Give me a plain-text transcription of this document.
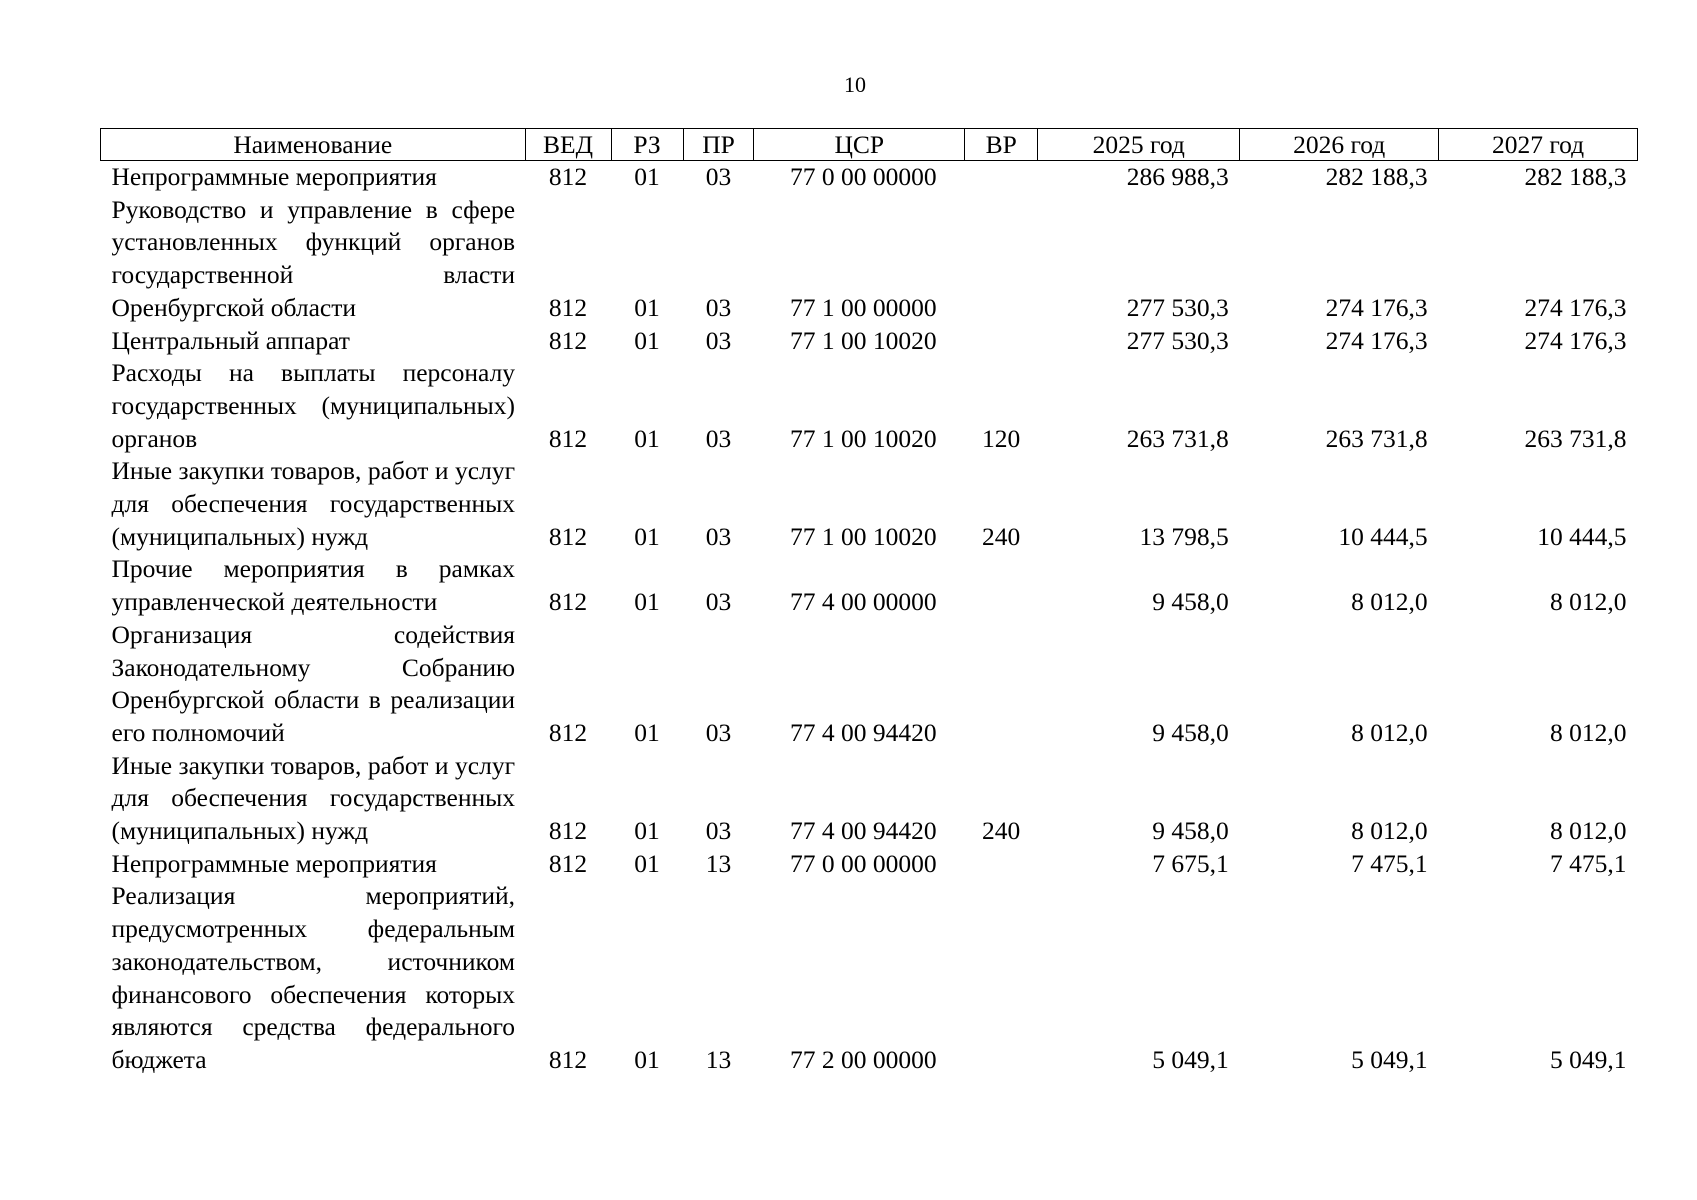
10
Наименование	ВЕД	РЗ	ПР	ЦСР	ВР	2025 год	2026 год	2027 год
Непрограммные мероприятия	812	01	03	77 0 00 00000		286 988,3	282 188,3	282 188,3
Руководство и управление в сфере установленных функций органов государственной власти Оренбургской области	812	01	03	77 1 00 00000		277 530,3	274 176,3	274 176,3
Центральный аппарат	812	01	03	77 1 00 10020		277 530,3	274 176,3	274 176,3
Расходы на выплаты персоналу государственных (муниципальных) органов	812	01	03	77 1 00 10020	120	263 731,8	263 731,8	263 731,8
Иные закупки товаров, работ и услуг для обеспечения государственных (муниципальных) нужд	812	01	03	77 1 00 10020	240	13 798,5	10 444,5	10 444,5
Прочие мероприятия в рамках управленческой деятельности	812	01	03	77 4 00 00000		9 458,0	8 012,0	8 012,0
Организация содействия Законодательному Собранию Оренбургской области в реализации его полномочий	812	01	03	77 4 00 94420		9 458,0	8 012,0	8 012,0
Иные закупки товаров, работ и услуг для обеспечения государственных (муниципальных) нужд	812	01	03	77 4 00 94420	240	9 458,0	8 012,0	8 012,0
Непрограммные мероприятия	812	01	13	77 0 00 00000		7 675,1	7 475,1	7 475,1
Реализация мероприятий, предусмотренных федеральным законодательством, источником финансового обеспечения которых являются средства федерального бюджета	812	01	13	77 2 00 00000		5 049,1	5 049,1	5 049,1
